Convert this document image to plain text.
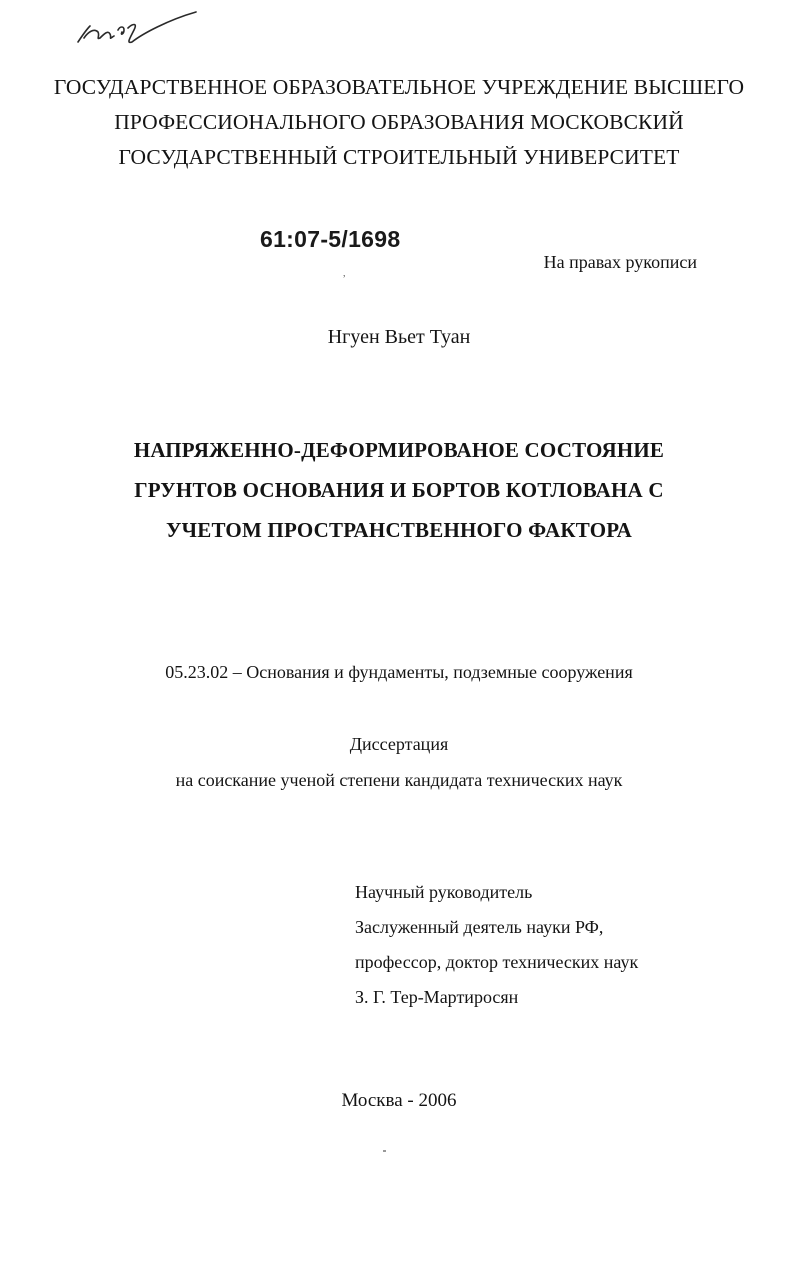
ГОСУДАРСТВЕННОЕ ОБРАЗОВАТЕЛЬНОЕ УЧРЕЖДЕНИЕ ВЫСШЕГО
ПРОФЕССИОНАЛЬНОГО ОБРАЗОВАНИЯ МОСКОВСКИЙ
ГОСУДАРСТВЕННЫЙ СТРОИТЕЛЬНЫЙ УНИВЕРСИТЕТ
61:07-5/1698
,
На правах рукописи
Нгуен Вьет Туан
НАПРЯЖЕННО-ДЕФОРМИРОВАНОЕ СОСТОЯНИЕ
ГРУНТОВ ОСНОВАНИЯ И БОРТОВ КОТЛОВАНА С
УЧЕТОМ ПРОСТРАНСТВЕННОГО ФАКТОРА
05.23.02 – Основания и фундаменты, подземные сооружения
Диссертация
на соискание ученой степени кандидата технических наук
Научный руководитель
Заслуженный деятель науки РФ,
профессор, доктор технических наук
З. Г. Тер-Мартиросян
Москва - 2006
